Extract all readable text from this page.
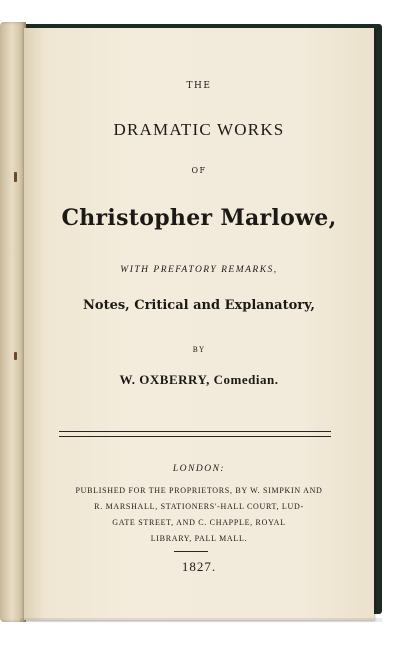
THE
DRAMATIC WORKS
OF
Christopher Marlowe,
WITH PREFATORY REMARKS,
Notes, Critical and Explanatory,
BY
W. OXBERRY, Comedian.
LONDON:
PUBLISHED FOR THE PROPRIETORS, BY W. SIMPKIN AND
R. MARSHALL, STATIONERS'-HALL COURT, LUD-
GATE STREET, AND C. CHAPPLE, ROYAL
LIBRARY, PALL MALL.
1827.
